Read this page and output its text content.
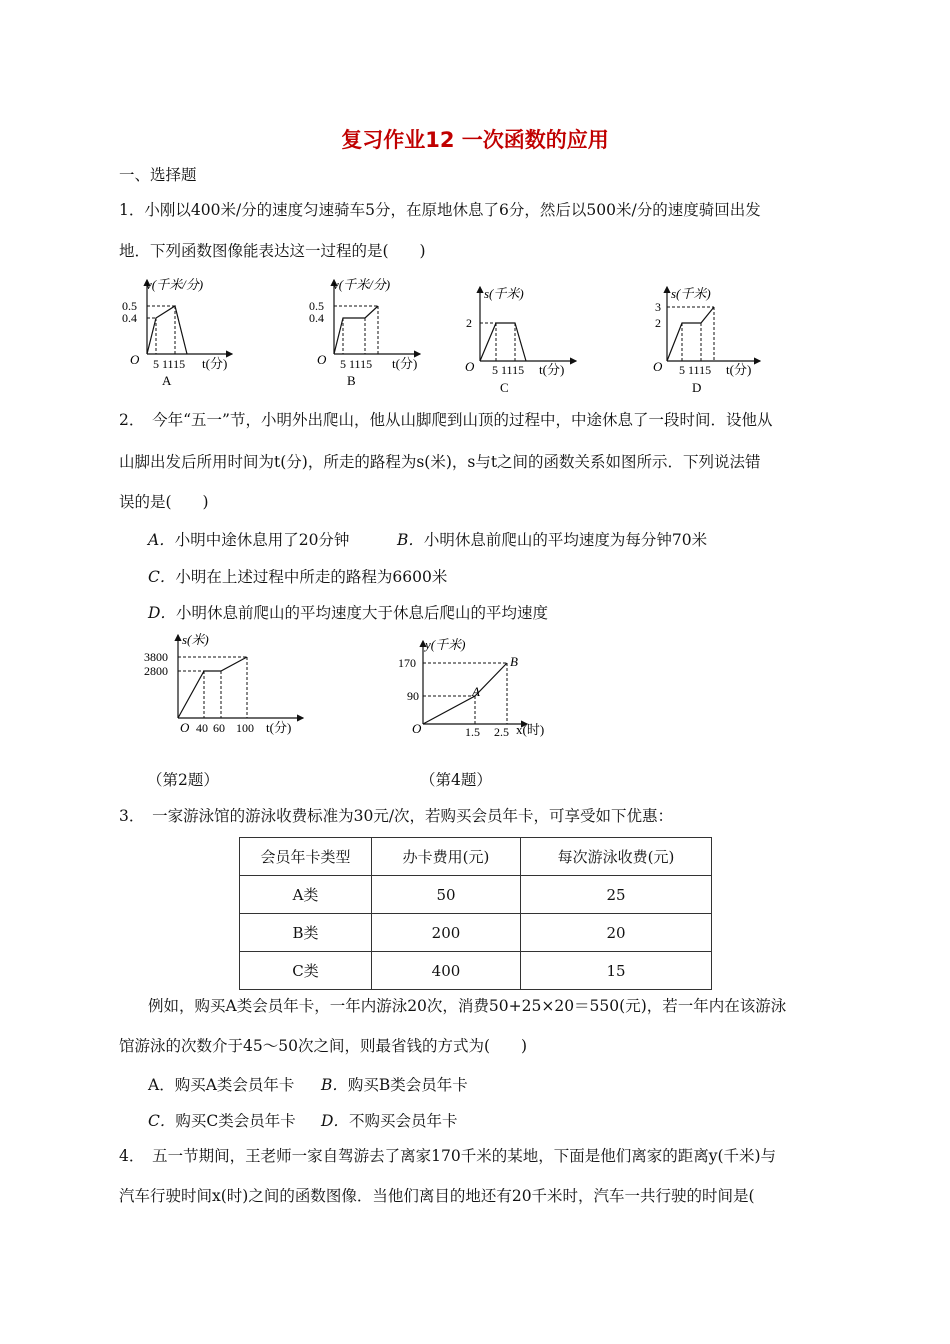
复习作业12 一次函数的应用
一、选择题
1．小刚以400米/分的速度匀速骑车5分，在原地休息了6分，然后以500米/分的速度骑回出发
地．下列函数图像能表达这一过程的是(　　)
v(千米/分)
0.5
0.4
O 5 1115 t(分)
A
v(千米/分)
0.5
0.4
O 5 1115 t(分)
B
s(千米)
2
O 5 1115 t(分)
C
s(千米)
3
2
O 5 1115 t(分)
D
2．　今年“五一”节，小明外出爬山，他从山脚爬到山顶的过程中，中途休息了一段时间．设他从
山脚出发后所用时间为t(分)，所走的路程为s(米)，s与t之间的函数关系如图所示．下列说法错
误的是(　　)
A．小明中途休息用了20分钟	B．小明休息前爬山的平均速度为每分钟70米
C．小明在上述过程中所走的路程为6600米
D．小明休息前爬山的平均速度大于休息后爬山的平均速度
s(米)
3800
2800
O 40 60 100 t(分)
y(千米)
170
90	A
B
O	1.5 2.5 x(时)
（第2题）	（第4题）
3．　一家游泳馆的游泳收费标准为30元/次，若购买会员年卡，可享受如下优惠：
会员年卡类型	办卡费用(元)	每次游泳收费(元)
A类	50	25
B类	200	20
C类	400	15
例如，购买A类会员年卡，一年内游泳20次，消费50+25×20＝550(元)，若一年内在该游泳
馆游泳的次数介于45～50次之间，则最省钱的方式为(　　)
A．购买A类会员年卡 B．购买B类会员年卡
C．购买C类会员年卡 D．不购买会员年卡
4．　五一节期间，王老师一家自驾游去了离家170千米的某地，下面是他们离家的距离y(千米)与
汽车行驶时间x(时)之间的函数图像．当他们离目的地还有20千米时，汽车一共行驶的时间是(
